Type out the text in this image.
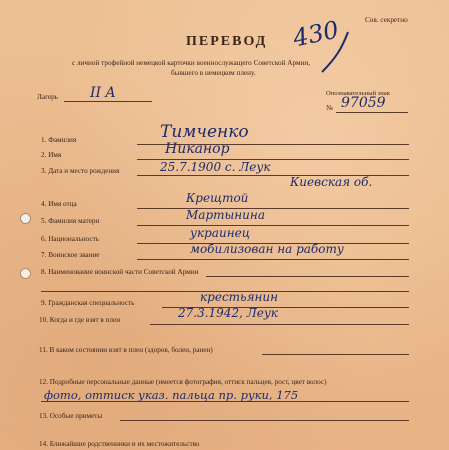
Сов. секретно
ПЕРЕВОД
с личной трофейной немецкой карточки военнослужащего Советской Армии,
бывшего в немецком плену.
430
Лагерь II A	Опознавательный знак
№ 97059
1. Фамилия	Тимченко
2. Имя	Никанор
3. Дата и место рождения	25.7.1900 с. Леук
Киевская об.
4. Имя отца	Крещтой
5. Фамилия матери	Мартынина
6. Национальность	украинец
7. Воинское звание	мобилизован на работу
8. Наименование воинской части Советской Армии
9. Гражданская специальность	крестьянин
10. Когда и где взят в плен	27.3.1942, Леук
11. В каком состоянии взят в плен (здоров, болен, ранен)
12. Подробные персональные данные (имеется фотография, оттиск пальцев, рост, цвет волос)
фото, оттиск указ. пальца пр. руки, 175
13. Особые приметы
14. Ближайшие родственники и их местожительство
